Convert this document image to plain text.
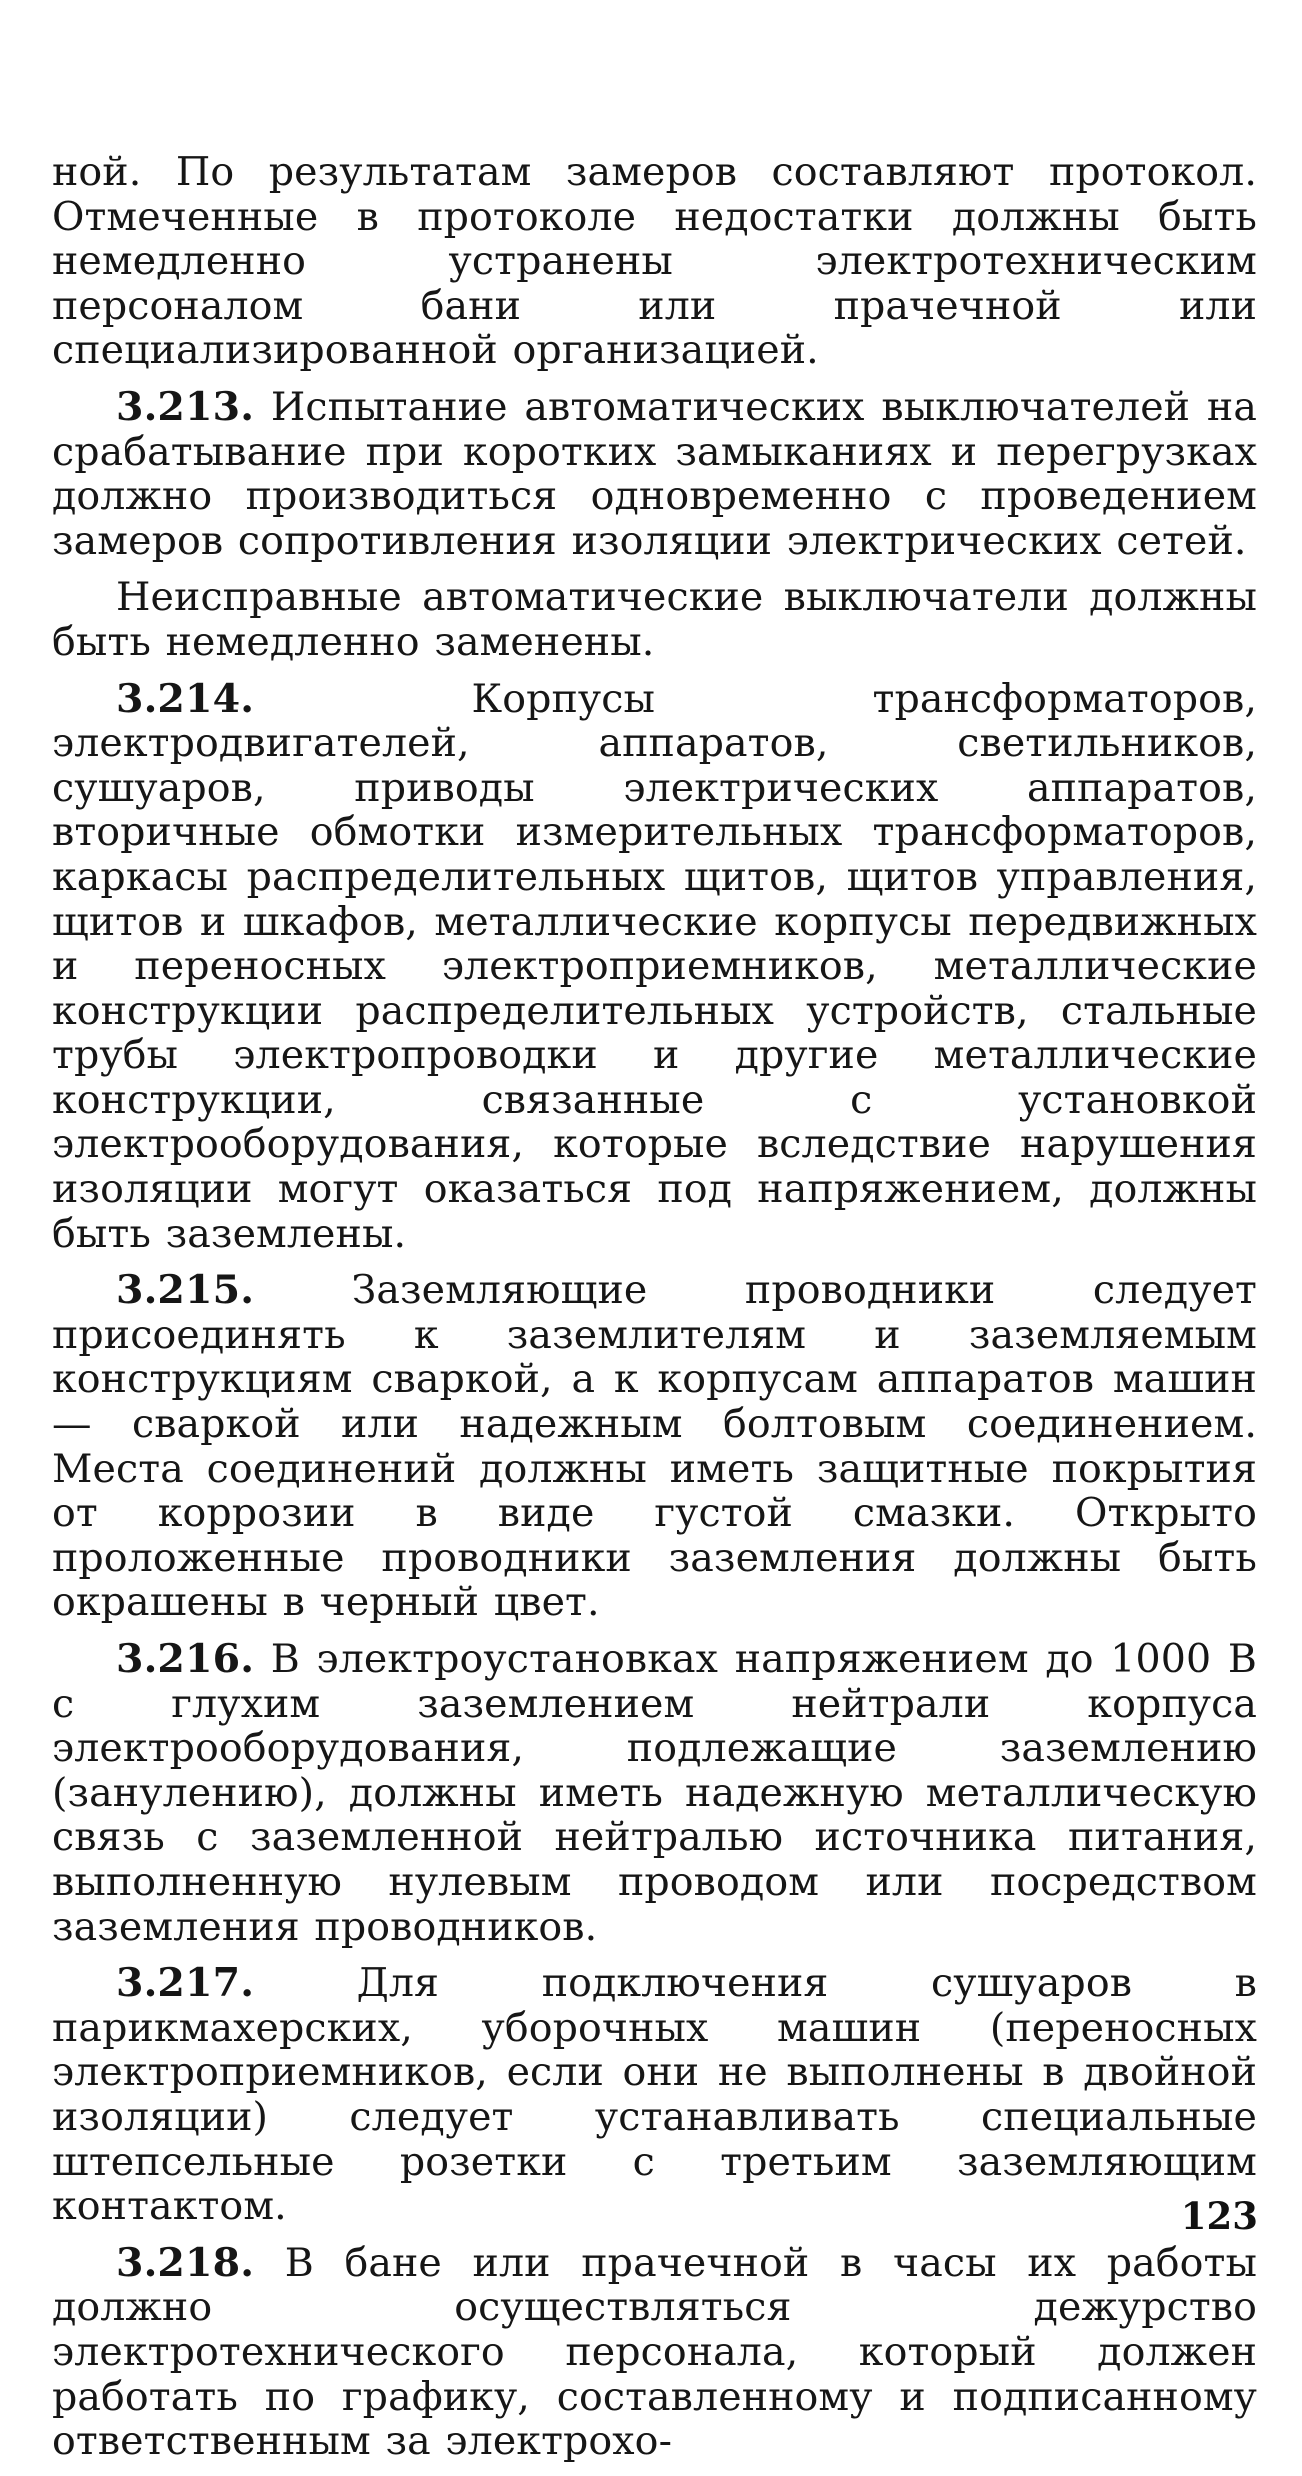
ной. По результатам замеров составляют протокол. Отмеченные в протоколе недостатки должны быть немедленно устранены электротехническим персоналом бани или прачечной или специализированной организацией.

3.213. Испытание автоматических выключателей на срабатывание при коротких замыканиях и перегрузках должно производиться одновременно с проведением замеров сопротивления изоляции электрических сетей.

Неисправные автоматические выключатели должны быть немедленно заменены.

3.214.	Корпусы трансформаторов, электродвигателей, аппаратов, светильников, сушуаров, приводы электрических аппаратов, вторичные обмотки измерительных трансформаторов, каркасы распределительных щитов, щитов управления, щитов и шкафов, металлические корпусы передвижных и переносных электроприемников, металлические конструкции распределительных устройств, стальные трубы электропроводки и другие металлические конструкции, связанные с установкой электрооборудования, которые вследствие нарушения изоляции могут оказаться под напряжением, должны быть заземлены.

3.215. Заземляющие проводники следует присоединять к заземлителям и заземляемым конструкциям сваркой, а к корпусам аппаратов машин — сваркой или надежным болтовым соединением. Места соединений должны иметь защитные покрытия от коррозии в виде густой смазки. Открыто проложенные проводники заземления должны быть окрашены в черный цвет.

3.216. В электроустановках напряжением до 1000 В с глухим заземлением нейтрали корпуса электрооборудования, подлежащие заземлению (занулению), должны иметь надежную металлическую связь с заземленной нейтралью источника питания, выполненную нулевым проводом или посредством заземления проводников.

3.217.	Для подключения сушуаров в парикмахерских, уборочных машин (переносных электроприемников, если они не выполнены в двойной изоляции) следует устанавливать специальные штепсельные розетки с третьим заземляющим контактом.

3.218. В бане или прачечной в часы их работы должно осуществляться дежурство электротехнического персонала, который должен работать по графику, составленному и подписанному ответственным за электрохо-

123
